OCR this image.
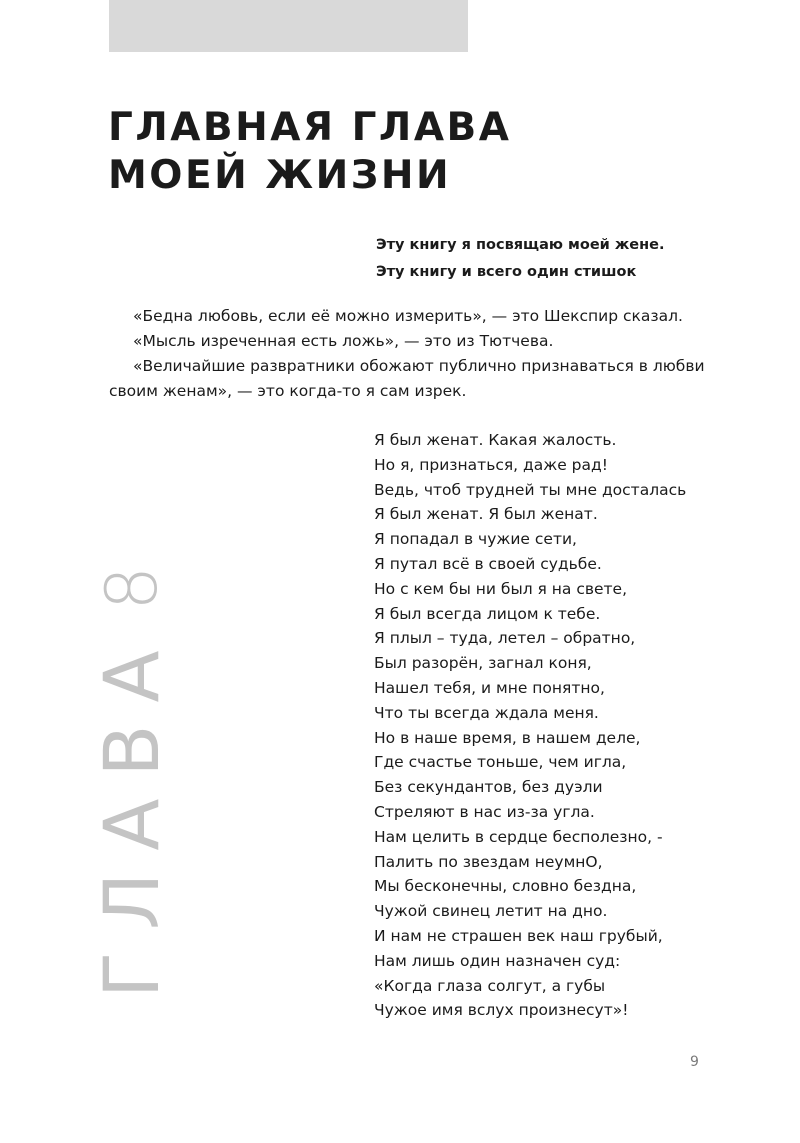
ГЛАВНАЯ ГЛАВА
МОЕЙ ЖИЗНИ
Эту книгу я посвящаю моей жене.
Эту книгу и всего один стишок

«Бедна любовь, если её можно измерить», — это Шекспир сказал.

«Мысль изреченная есть ложь», — это из Тютчева.

«Величайшие развратники обожают публично признаваться в любви своим женам», — это когда-то я сам изрек.

Я был женат. Какая жалость.
Но я, признаться, даже рад!
Ведь, чтоб трудней ты мне досталась
Я был женат. Я был женат.
Я попадал в чужие сети,
Я путал всё в своей судьбе.
Но с кем бы ни был я на свете,
Я был всегда лицом к тебе.
Я плыл – туда, летел – обратно,
Был разорён, загнал коня,
Нашел тебя, и мне понятно,
Что ты всегда ждала меня.
Но в наше время, в нашем деле,
Где счастье тоньше, чем игла,
Без секундантов, без дуэли
Стреляют в нас из-за угла.
Нам целить в сердце бесполезно, -
Палить по звездам неумнО,
Мы бесконечны, словно бездна,
Чужой свинец летит на дно.
И нам не страшен век наш грубый,
Нам лишь один назначен суд:
«Когда глаза солгут, а губы
Чужое имя вслух произнесут»!
ГЛАВА
8
9
